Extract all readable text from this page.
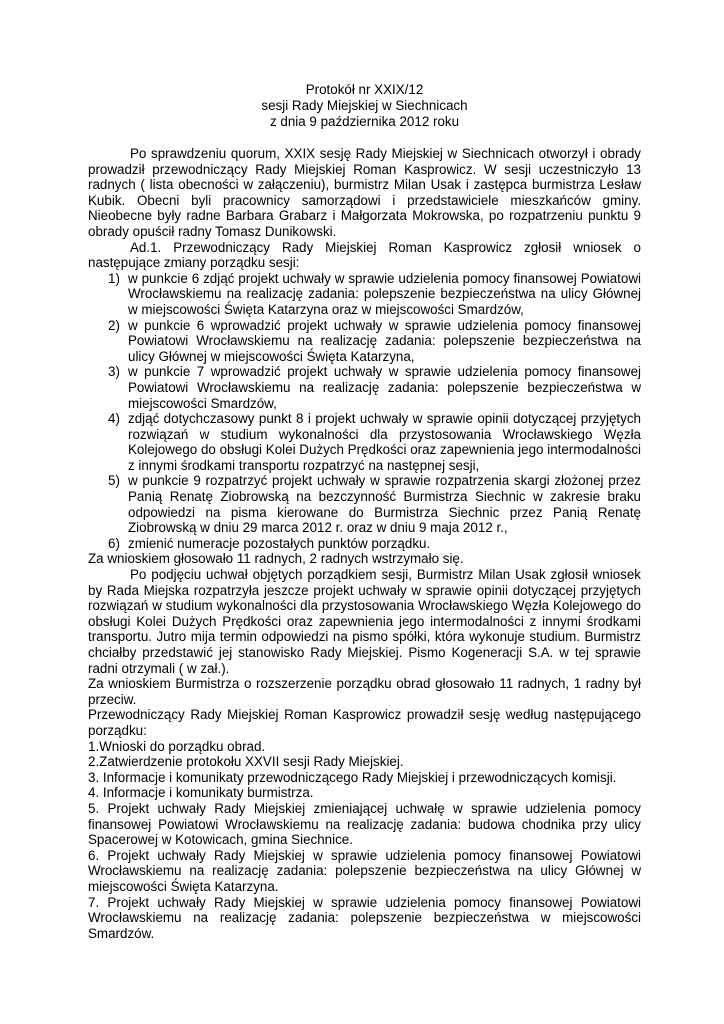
Protokół nr XXIX/12
sesji Rady Miejskiej w Siechnicach
z dnia 9 października 2012 roku

Po sprawdzeniu quorum, XXIX sesję Rady Miejskiej w Siechnicach otworzył i obrady prowadził przewodniczący Rady Miejskiej Roman Kasprowicz. W sesji uczestniczyło 13 radnych ( lista obecności w załączeniu), burmistrz Milan Usak i zastępca burmistrza Lesław Kubik. Obecni byli pracownicy samorządowi i przedstawiciele mieszkańców gminy. Nieobecne były radne Barbara Grabarz i Małgorzata Mokrowska, po rozpatrzeniu punktu 9 obrady opuścił radny Tomasz Dunikowski.

Ad.1. Przewodniczący Rady Miejskiej Roman Kasprowicz zgłosił wniosek o następujące zmiany porządku sesji:

1) w punkcie 6 zdjąć projekt uchwały w sprawie udzielenia pomocy finansowej Powiatowi Wrocławskiemu na realizację zadania: polepszenie bezpieczeństwa na ulicy Głównej w miejscowości Święta Katarzyna oraz w miejscowości Smardzów,
2) w punkcie 6 wprowadzić projekt uchwały w sprawie udzielenia pomocy finansowej Powiatowi Wrocławskiemu na realizację zadania: polepszenie bezpieczeństwa na ulicy Głównej w miejscowości Święta Katarzyna,
3) w punkcie 7 wprowadzić projekt uchwały w sprawie udzielenia pomocy finansowej Powiatowi Wrocławskiemu na realizację zadania: polepszenie bezpieczeństwa w miejscowości Smardzów,
4) zdjąć dotychczasowy punkt 8 i projekt uchwały w sprawie opinii dotyczącej przyjętych rozwiązań w studium wykonalności dla przystosowania Wrocławskiego Węzła Kolejowego do obsługi Kolei Dużych Prędkości oraz zapewnienia jego intermodalności z innymi środkami transportu rozpatrzyć na następnej sesji,
5) w punkcie 9 rozpatrzyć projekt uchwały w sprawie rozpatrzenia skargi złożonej przez Panią Renatę Ziobrowską na bezczynność Burmistrza Siechnic w zakresie braku odpowiedzi na pisma kierowane do Burmistrza Siechnic przez Panią Renatę Ziobrowską w dniu 29 marca 2012 r. oraz w dniu 9 maja 2012 r.,
6) zmienić numeracje pozostałych punktów porządku.

Za wnioskiem głosowało 11 radnych, 2 radnych wstrzymało się.

Po podjęciu uchwał objętych porządkiem sesji, Burmistrz Milan Usak zgłosił wniosek by Rada Miejska rozpatrzyła jeszcze projekt uchwały w sprawie opinii dotyczącej przyjętych rozwiązań w studium wykonalności dla przystosowania Wrocławskiego Węzła Kolejowego do obsługi Kolei Dużych Prędkości oraz zapewnienia jego intermodalności z innymi środkami transportu. Jutro mija termin odpowiedzi na pismo spółki, która wykonuje studium. Burmistrz chciałby przedstawić jej stanowisko Rady Miejskiej. Pismo Kogeneracji S.A. w tej sprawie radni otrzymali ( w zał.).

Za wnioskiem Burmistrza o rozszerzenie porządku obrad głosowało 11 radnych, 1 radny był przeciw.

Przewodniczący Rady Miejskiej Roman Kasprowicz prowadził sesję według następującego porządku:

1.Wnioski do porządku obrad.

2.Zatwierdzenie protokołu XXVII sesji Rady Miejskiej.

3. Informacje i komunikaty przewodniczącego Rady Miejskiej i przewodniczących komisji.

4. Informacje i komunikaty burmistrza.

5. Projekt uchwały Rady Miejskiej zmieniającej uchwałę w sprawie udzielenia pomocy finansowej Powiatowi Wrocławskiemu na realizację zadania: budowa chodnika przy ulicy Spacerowej w Kotowicach, gmina Siechnice.

6. Projekt uchwały Rady Miejskiej w sprawie udzielenia pomocy finansowej Powiatowi Wrocławskiemu na realizację zadania: polepszenie bezpieczeństwa na ulicy Głównej w miejscowości Święta Katarzyna.

7. Projekt uchwały Rady Miejskiej w sprawie udzielenia pomocy finansowej Powiatowi Wrocławskiemu na realizację zadania: polepszenie bezpieczeństwa w miejscowości Smardzów.
